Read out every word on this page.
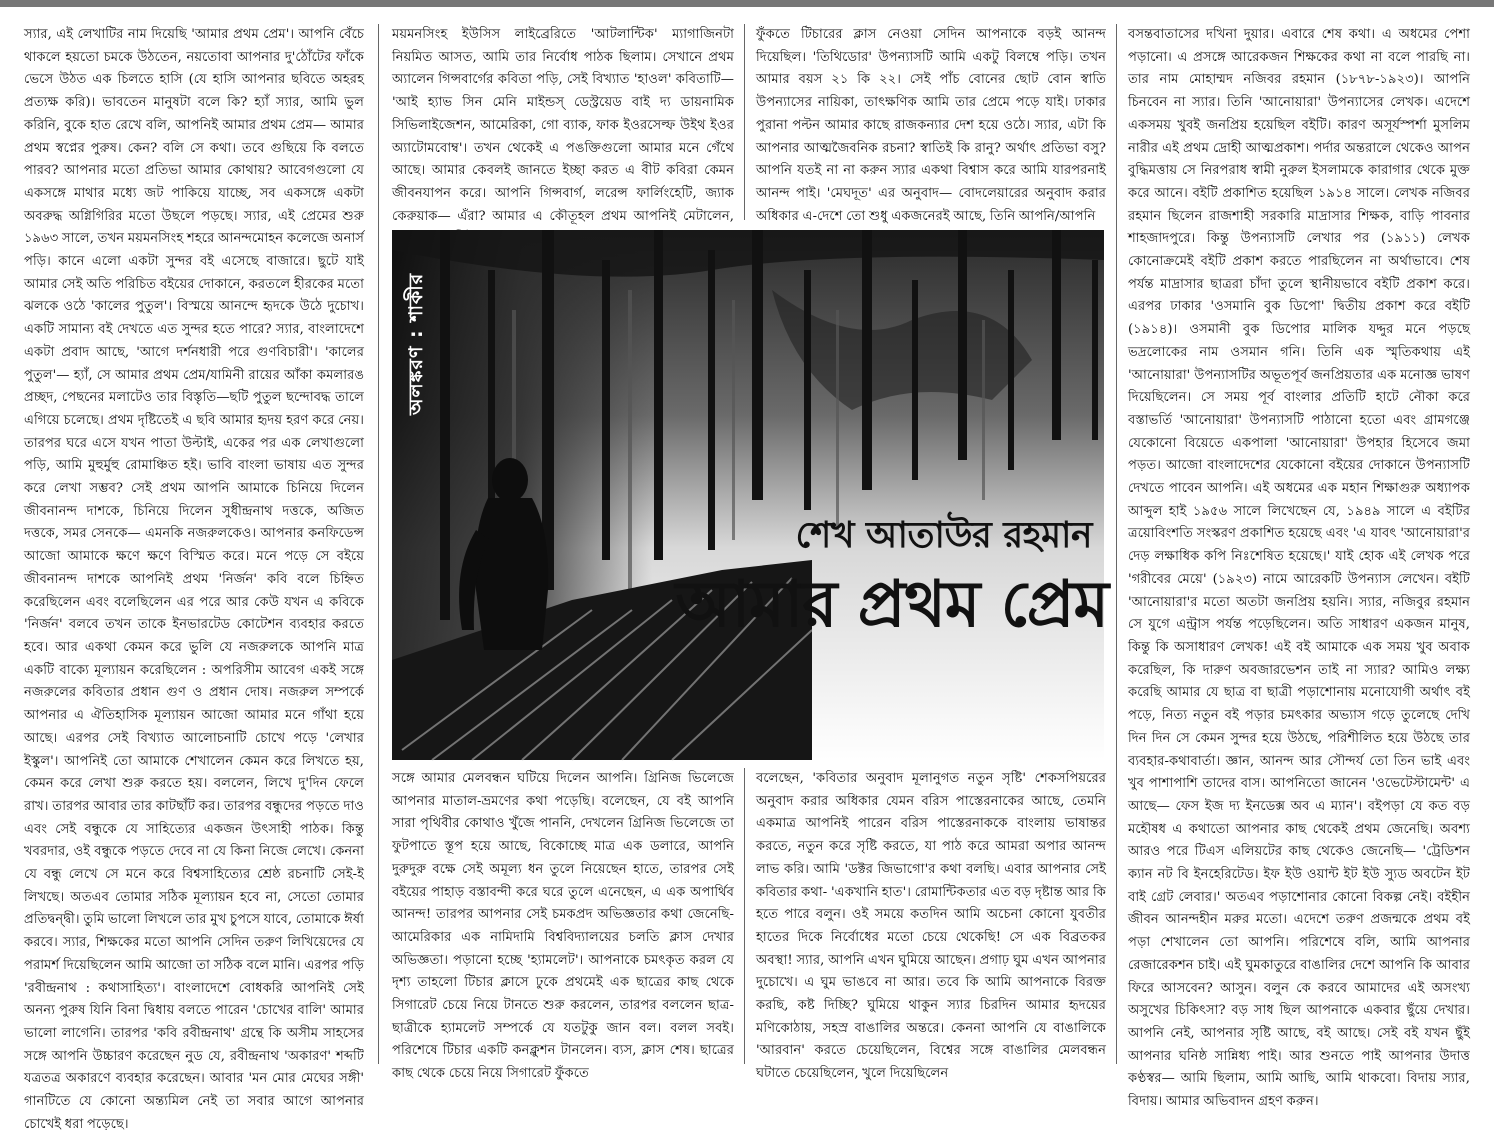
স্যার, এই লেখাটির নাম দিয়েছি 'আমার প্রথম প্রেম'। আপনি বেঁচে থাকলে হয়তো চমকে উঠতেন, নয়তোবা আপনার দু'ঠোঁটের ফাঁকে ভেসে উঠত এক চিলতে হাসি (যে হাসি আপনার ছবিতে অহরহ প্রত্যক্ষ করি)। ভাবতেন মানুষটা বলে কি? হ্যাঁ স্যার, আমি ভুল করিনি, বুকে হাত রেখে বলি, আপনিই আমার প্রথম প্রেম— আমার প্রথম স্বপ্নের পুরুষ। কেন? বলি সে কথা। তবে গুছিয়ে কি বলতে পারব? আপনার মতো প্রতিভা আমার কোথায়? আবেগগুলো যে একসঙ্গে মাথার মধ্যে জট পাকিয়ে যাচ্ছে, সব একসঙ্গে একটা অবরুদ্ধ অগ্নিগিরির মতো উছলে পড়ছে। স্যার, এই প্রেমের শুরু ১৯৬৩ সালে, তখন ময়মনসিংহ শহরে আনন্দমোহন কলেজে অনার্স পড়ি। কানে এলো একটা সুন্দর বই এসেছে বাজারে। ছুটে যাই আমার সেই অতি পরিচিত বইয়ের দোকানে, করতলে হীরকের মতো ঝলকে ওঠে 'কালের পুতুল'। বিস্ময়ে আনন্দে হৃদকে উঠে দুচোখ। একটি সামান্য বই দেখতে এত সুন্দর হতে পারে? স্যার, বাংলাদেশে একটা প্রবাদ আছে, 'আগে দর্শনধারী পরে গুণবিচারী'। 'কালের পুতুল'— হ্যাঁ, সে আমার প্রথম প্রেম/যামিনী রায়ের আঁকা কমলারঙ প্রচ্ছদ, পেছনের মলাটেও তার বিস্তৃতি—ছটি পুতুল ছন্দোবদ্ধ তালে এগিয়ে চলেছে। প্রথম দৃষ্টিতেই এ ছবি আমার হৃদয় হরণ করে নেয়। তারপর ঘরে এসে যখন পাতা উল্টাই, একের পর এক লেখাগুলো পড়ি, আমি মুহুর্মুহু রোমাঞ্চিত হই। ভাবি বাংলা ভাষায় এত সুন্দর করে লেখা সম্ভব? সেই প্রথম আপনি আমাকে চিনিয়ে দিলেন জীবনানন্দ দাশকে, চিনিয়ে দিলেন সুধীন্দ্রনাথ দত্তকে, অজিত দত্তকে, সমর সেনকে— এমনকি নজরুলকেও। আপনার কনফিডেন্স আজো আমাকে ক্ষণে ক্ষণে বিস্মিত করে। মনে পড়ে সে বইয়ে জীবনানন্দ দাশকে আপনিই প্রথম 'নির্জন' কবি বলে চিহ্নিত করেছিলেন এবং বলেছিলেন এর পরে আর কেউ যখন এ কবিকে 'নির্জন' বলবে তখন তাকে ইনভারটেড কোটেশন ব্যবহার করতে হবে। আর একথা কেমন করে ভুলি যে নজরুলকে আপনি মাত্র একটি বাক্যে মূল্যায়ন করেছিলেন : অপরিসীম আবেগ একই সঙ্গে নজরুলের কবিতার প্রধান গুণ ও প্রধান দোষ। নজরুল সম্পর্কে আপনার এ ঐতিহাসিক মূল্যায়ন আজো আমার মনে গাঁথা হয়ে আছে। এরপর সেই বিখ্যাত আলোচনাটি চোখে পড়ে 'লেখার ইস্কুল'। আপনিই তো আমাকে শেখালেন কেমন করে লিখতে হয়, কেমন করে লেখা শুরু করতে হয়। বললেন, লিখে দু'দিন ফেলে রাখ। তারপর আবার তার কাটছাঁট কর। তারপর বন্ধুদের পড়তে দাও এবং সেই বন্ধুকে যে সাহিত্যের একজন উৎসাহী পাঠক। কিন্তু খবরদার, ওই বন্ধুকে পড়তে দেবে না যে কিনা নিজে লেখে। কেননা যে বন্ধু লেখে সে মনে করে বিশ্বসাহিত্যের শ্রেষ্ঠ রচনাটি সেই-ই লিখছে। অতএব তোমার সঠিক মূল্যায়ন হবে না, সেতো তোমার প্রতিদ্বন্দ্বী। তুমি ভালো লিখলে তার মুখ চুপসে যাবে, তোমাকে ঈর্ষা করবে। স্যার, শিক্ষকের মতো আপনি সেদিন তরুণ লিখিয়েদের যে পরামর্শ দিয়েছিলেন আমি আজো তা সঠিক বলে মানি। এরপর পড়ি 'রবীন্দ্রনাথ : কথাসাহিত্য'। বাংলাদেশে বোধকরি আপনিই সেই অনন্য পুরুষ যিনি বিনা দ্বিধায় বলতে পারেন 'চোখের বালি' আমার ভালো লাগেনি। তারপর 'কবি রবীন্দ্রনাথ' গ্রন্থে কি অসীম সাহসের সঙ্গে আপনি উচ্চারণ করেছেন নুড যে, রবীন্দ্রনাথ 'অকারণ' শব্দটি যত্রতত্র অকারণে ব্যবহার করেছেন। আবার 'মন মোর মেঘের সঙ্গী' গানটিতে যে কোনো অন্ত্যমিল নেই তা সবার আগে আপনার চোখেই ধরা পড়েছে।

ময়মনসিংহ ইউসিস লাইব্রেরিতে 'আটলান্টিক' ম্যাগাজিনটা নিয়মিত আসত, আমি তার নির্বোধ পাঠক ছিলাম। সেখানে প্রথম অ্যালেন গিন্সবার্গের কবিতা পড়ি, সেই বিখ্যাত 'হাওল' কবিতাটি— 'আই হ্যাভ সিন মেনি মাইন্ডস্ ডেস্ট্রয়েড বাই দ্য ডায়নামিক সিভিলাইজেশন, আমেরিকা, গো ব্যাক, ফাক ইওরসেল্ফ উইথ ইওর অ্যাটোমবোম্ব'। তখন থেকেই এ পঙক্তিগুলো আমার মনে গেঁথে আছে। আমার কেবলই জানতে ইচ্ছা করত এ বীট কবিরা কেমন জীবনযাপন করে। আপনি গিন্সবার্গ, লরেন্স ফার্লিংহেটি, জ্যাক কেরুয়াক— এঁরা? আমার এ কৌতূহল প্রথম আপনিই মেটালেন,

ফুঁকতে টিচারের ক্লাস নেওয়া সেদিন আপনাকে বড়ই আনন্দ দিয়েছিল। 'তিথিডোর' উপন্যাসটি আমি একটু বিলম্বে পড়ি। তখন আমার বয়স ২১ কি ২২। সেই পাঁচ বোনের ছোট বোন স্বাতি উপন্যাসের নায়িকা, তাৎক্ষণিক আমি তার প্রেমে পড়ে যাই। ঢাকার পুরানা পল্টন আমার কাছে রাজকন্যার দেশ হয়ে ওঠে। স্যার, এটা কি আপনার আত্মজৈবনিক রচনা? স্বাতিই কি রানু? অর্থাৎ প্রতিভা বসু? আপনি যতই না না করুন স্যার একথা বিশ্বাস করে আমি যারপরনাই আনন্দ পাই। 'মেঘদূত' এর অনুবাদ— বোদলেয়ারের অনুবাদ করার অধিকার এ-দেশে তো শুধু একজনেরই আছে, তিনি আপনি/আপনি

অলঙ্করণ : শাকীর
শেখ আতাউর রহমান
আমার প্রথম প্রেম

সঙ্গে আমার মেলবন্ধন ঘটিয়ে দিলেন আপনি। গ্রিনিজ ভিলেজে আপনার মাতাল-ভ্রমণের কথা পড়েছি। বলেছেন, যে বই আপনি সারা পৃথিবীর কোথাও খুঁজে পাননি, দেখলেন গ্রিনিজ ভিলেজে তা ফুটপাতে স্তূপ হয়ে আছে, বিকোচ্ছে মাত্র এক ডলারে, আপনি দুরুদুরু বক্ষে সেই অমূল্য ধন তুলে নিয়েছেন হাতে, তারপর সেই বইয়ের পাহাড় বস্তাবন্দী করে ঘরে তুলে এনেছেন, এ এক অপার্থিব আনন্দ! তারপর আপনার সেই চমকপ্রদ অভিজ্ঞতার কথা জেনেছি- আমেরিকার এক নামিদামি বিশ্ববিদ্যালয়ের চলতি ক্লাস দেখার অভিজ্ঞতা। পড়ানো হচ্ছে 'হ্যামলেট'। আপনাকে চমৎকৃত করল যে দৃশ্য তাহলো টিচার ক্লাসে ঢুকে প্রথমেই এক ছাত্রের কাছ থেকে সিগারেট চেয়ে নিয়ে টানতে শুরু করলেন, তারপর বললেন ছাত্র-ছাত্রীকে হ্যামলেট সম্পর্কে যে যতটুকু জান বল। বলল সবই। পরিশেষে টিচার একটি কনক্লুশন টানলেন। ব্যস, ক্লাস শেষ। ছাত্রের কাছ থেকে চেয়ে নিয়ে সিগারেট ফুঁকতে

বলেছেন, 'কবিতার অনুবাদ মূলানুগত নতুন সৃষ্টি' শেকসপিয়রের অনুবাদ করার অধিকার যেমন বরিস পাস্তেরনাকের আছে, তেমনি একমাত্র আপনিই পারেন বরিস পাস্তেরনাককে বাংলায় ভাষান্তর করতে, নতুন করে সৃষ্টি করতে, যা পাঠ করে আমরা অপার আনন্দ লাভ করি। আমি 'ডক্টর জিভাগো'র কথা বলছি। এবার আপনার সেই কবিতার কথা- 'একখানি হাত'। রোমান্টিকতার এত বড় দৃষ্টান্ত আর কি হতে পারে বলুন। ওই সময়ে কতদিন আমি অচেনা কোনো যুবতীর হাতের দিকে নির্বোধের মতো চেয়ে থেকেছি! সে এক বিব্রতকর অবস্থা! স্যার, আপনি এখন ঘুমিয়ে আছেন। প্রগাঢ় ঘুম এখন আপনার দুচোখে। এ ঘুম ভাঙবে না আর। তবে কি আমি আপনাকে বিরক্ত করছি, কষ্ট দিচ্ছি? ঘুমিয়ে থাকুন স্যার চিরদিন আমার হৃদয়ের মণিকোঠায়, সহস্র বাঙালির অন্তরে। কেননা আপনি যে বাঙালিকে 'আরবান' করতে চেয়েছিলেন, বিশ্বের সঙ্গে বাঙালির মেলবন্ধন ঘটাতে চেয়েছিলেন, খুলে দিয়েছিলেন

বসন্তবাতাসের দখিনা দুয়ার। এবারে শেষ কথা। এ অধমের পেশা পড়ানো। এ প্রসঙ্গে আরেকজন শিক্ষকের কথা না বলে পারছি না। তার নাম মোহাম্মদ নজিবর রহমান (১৮৭৮-১৯২৩)। আপনি চিনবেন না স্যার। তিনি 'আনোয়ারা' উপন্যাসের লেখক। এদেশে একসময় খুবই জনপ্রিয় হয়েছিল বইটি। কারণ অসূর্যস্পর্শা মুসলিম নারীর এই প্রথম দ্রোহী আত্মপ্রকাশ। পর্দার অন্তরালে থেকেও আপন বুদ্ধিমত্তায় সে নিরপরাধ স্বামী নুরুল ইসলামকে কারাগার থেকে মুক্ত করে আনে। বইটি প্রকাশিত হয়েছিল ১৯১৪ সালে। লেখক নজিবর রহমান ছিলেন রাজশাহী সরকারি মাদ্রাসার শিক্ষক, বাড়ি পাবনার শাহজাদপুরে। কিন্তু উপন্যাসটি লেখার পর (১৯১১) লেখক কোনোক্রমেই বইটি প্রকাশ করতে পারছিলেন না অর্থাভাবে। শেষ পর্যন্ত মাদ্রাসার ছাত্ররা চাঁদা তুলে স্থানীয়ভাবে বইটি প্রকাশ করে। এরপর ঢাকার 'ওসমানি বুক ডিপো' দ্বিতীয় প্রকাশ করে বইটি (১৯১৪)। ওসমানী বুক ডিপোর মালিক যদ্দুর মনে পড়ছে ভদ্রলোকের নাম ওসমান গনি। তিনি এক স্মৃতিকথায় এই 'আনোয়ারা' উপন্যাসটির অভূতপূর্ব জনপ্রিয়তার এক মনোজ্ঞ ভাষণ দিয়েছিলেন। সে সময় পূর্ব বাংলার প্রতিটি হাটে নৌকা করে বস্তাভর্তি 'আনোয়ারা' উপন্যাসটি পাঠানো হতো এবং গ্রামগঞ্জে যেকোনো বিয়েতে একপালা 'আনোয়ারা' উপহার হিসেবে জমা পড়ত। আজো বাংলাদেশের যেকোনো বইয়ের দোকানে উপন্যাসটি দেখতে পাবেন আপনি। এই অধমের এক মহান শিক্ষাগুরু অধ্যাপক আব্দুল হাই ১৯৫৬ সালে লিখেছেন যে, ১৯৪৯ সালে এ বইটির ত্রয়োবিংশতি সংস্করণ প্রকাশিত হয়েছে এবং 'এ যাবৎ 'আনোয়ারা'র দেড় লক্ষাধিক কপি নিঃশেষিত হয়েছে।' যাই হোক এই লেখক পরে 'গরীবের মেয়ে' (১৯২৩) নামে আরেকটি উপন্যাস লেখেন। বইটি 'আনোয়ারা'র মতো অতটা জনপ্রিয় হয়নি। স্যার, নজিবুর রহমান সে যুগে এন্ট্রাস পর্যন্ত পড়েছিলেন। অতি সাধারণ একজন মানুষ, কিন্তু কি অসাধারণ লেখক! এই বই আমাকে এক সময় খুব অবাক করেছিল, কি দারুণ অবজারভেশন তাই না স্যার? আমিও লক্ষ্য করেছি আমার যে ছাত্র বা ছাত্রী পড়াশোনায় মনোযোগী অর্থাৎ বই পড়ে, নিত্য নতুন বই পড়ার চমৎকার অভ্যাস গড়ে তুলেছে দেখি দিন দিন সে কেমন সুন্দর হয়ে উঠছে, পরিশীলিত হয়ে উঠছে তার ব্যবহার-কথাবার্তা। জ্ঞান, আনন্দ আর সৌন্দর্য তো তিন ভাই এবং খুব পাশাপাশি তাদের বাস। আপনিতো জানেন 'ওভেটেস্টামেন্ট' এ আছে— ফেস ইজ দ্য ইনডেক্স অব এ ম্যান'। বইপড়া যে কত বড় মহৌষধ এ কথাতো আপনার কাছ থেকেই প্রথম জেনেছি। অবশ্য আরও পরে টিএস এলিয়টের কাছ থেকেও জেনেছি— 'ট্রেডিশন ক্যান নট বি ইনহেরিটেড। ইফ ইউ ওয়ান্ট ইট ইউ স্যুড অবটেন ইট বাই গ্রেট লেবার।' অতএব পড়াশোনার কোনো বিকল্প নেই। বইহীন জীবন আনন্দহীন মরুর মতো। এদেশে তরুণ প্রজন্মকে প্রথম বই পড়া শেখালেন তো আপনি। পরিশেষে বলি, আমি আপনার রেজারেকশন চাই। এই ঘুমকাতুরে বাঙালির দেশে আপনি কি আবার ফিরে আসবেন? আসুন। বলুন কে করবে আমাদের এই অসংখ্য অসুখের চিকিৎসা? বড় সাধ ছিল আপনাকে একবার ছুঁয়ে দেখার। আপনি নেই, আপনার সৃষ্টি আছে, বই আছে। সেই বই যখন ছুঁই আপনার ঘনিষ্ঠ সান্নিধ্য পাই। আর শুনতে পাই আপনার উদাত্ত কণ্ঠস্বর— আমি ছিলাম, আমি আছি, আমি থাকবো। বিদায় স্যার, বিদায়। আমার অভিবাদন গ্রহণ করুন।
